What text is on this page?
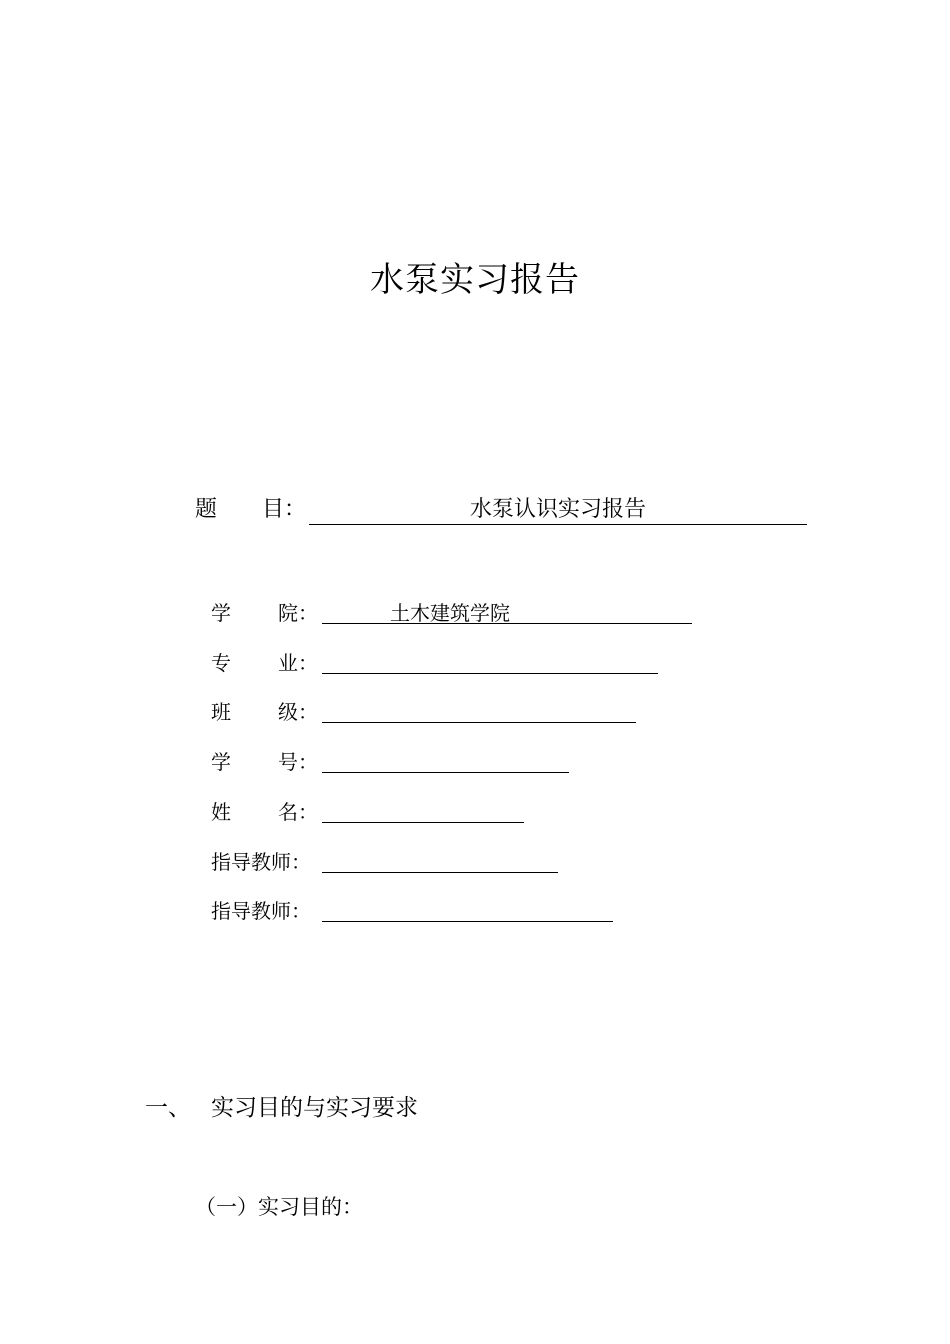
水泵实习报告
题 目：	水泵认识实习报告
学 院：	土木建筑学院
专 业：
班 级：
学 号：
姓 名：
指导教师：
指导教师：
一、 实习目的与实习要求
（一）实习目的：
